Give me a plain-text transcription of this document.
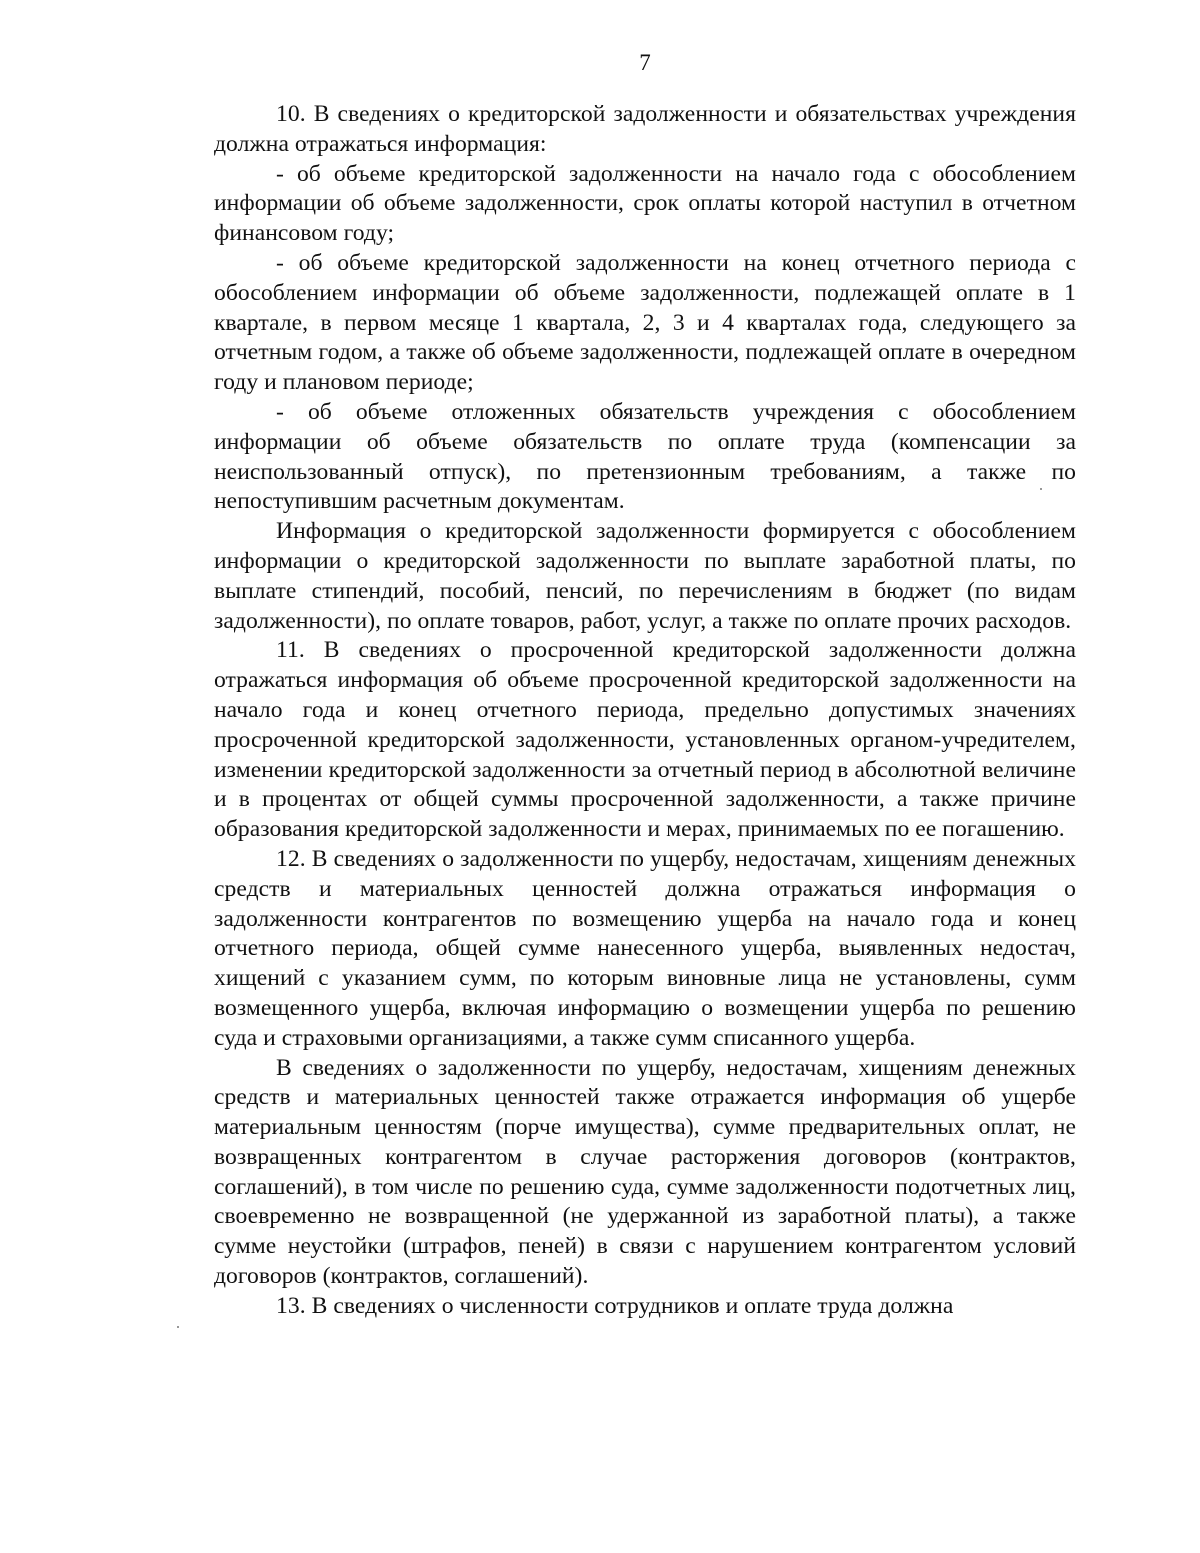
7

10. В сведениях о кредиторской задолженности и обязательствах учреждения должна отражаться информация:

- об объеме кредиторской задолженности на начало года с обособлением информации об объеме задолженности, срок оплаты которой наступил в отчетном финансовом году;

- об объеме кредиторской задолженности на конец отчетного периода с обособлением информации об объеме задолженности, подлежащей оплате в 1 квартале, в первом месяце 1 квартала, 2, 3 и 4 кварталах года, следующего за отчетным годом, а также об объеме задолженности, подлежащей оплате в очередном году и плановом периоде;

- об объеме отложенных обязательств учреждения с обособлением информации об объеме обязательств по оплате труда (компенсации за неиспользованный отпуск), по претензионным требованиям, а также по непоступившим расчетным документам.

Информация о кредиторской задолженности формируется с обособлением информации о кредиторской задолженности по выплате заработной платы, по выплате стипендий, пособий, пенсий, по перечислениям в бюджет (по видам задолженности), по оплате товаров, работ, услуг, а также по оплате прочих расходов.

11. В сведениях о просроченной кредиторской задолженности должна отражаться информация об объеме просроченной кредиторской задолженности на начало года и конец отчетного периода, предельно допустимых значениях просроченной кредиторской задолженности, установленных органом-учредителем, изменении кредиторской задолженности за отчетный период в абсолютной величине и в процентах от общей суммы просроченной задолженности, а также причине образования кредиторской задолженности и мерах, принимаемых по ее погашению.

12. В сведениях о задолженности по ущербу, недостачам, хищениям денежных средств и материальных ценностей должна отражаться информация о задолженности контрагентов по возмещению ущерба на начало года и конец отчетного периода, общей сумме нанесенного ущерба, выявленных недостач, хищений с указанием сумм, по которым виновные лица не установлены, сумм возмещенного ущерба, включая информацию о возмещении ущерба по решению суда и страховыми организациями, а также сумм списанного ущерба.

В сведениях о задолженности по ущербу, недостачам, хищениям денежных средств и материальных ценностей также отражается информация об ущербе материальным ценностям (порче имущества), сумме предварительных оплат, не возвращенных контрагентом в случае расторжения договоров (контрактов, соглашений), в том числе по решению суда, сумме задолженности подотчетных лиц, своевременно не возвращенной (не удержанной из заработной платы), а также сумме неустойки (штрафов, пеней) в связи с нарушением контрагентом условий договоров (контрактов, соглашений).

13. В сведениях о численности сотрудников и оплате труда должна
